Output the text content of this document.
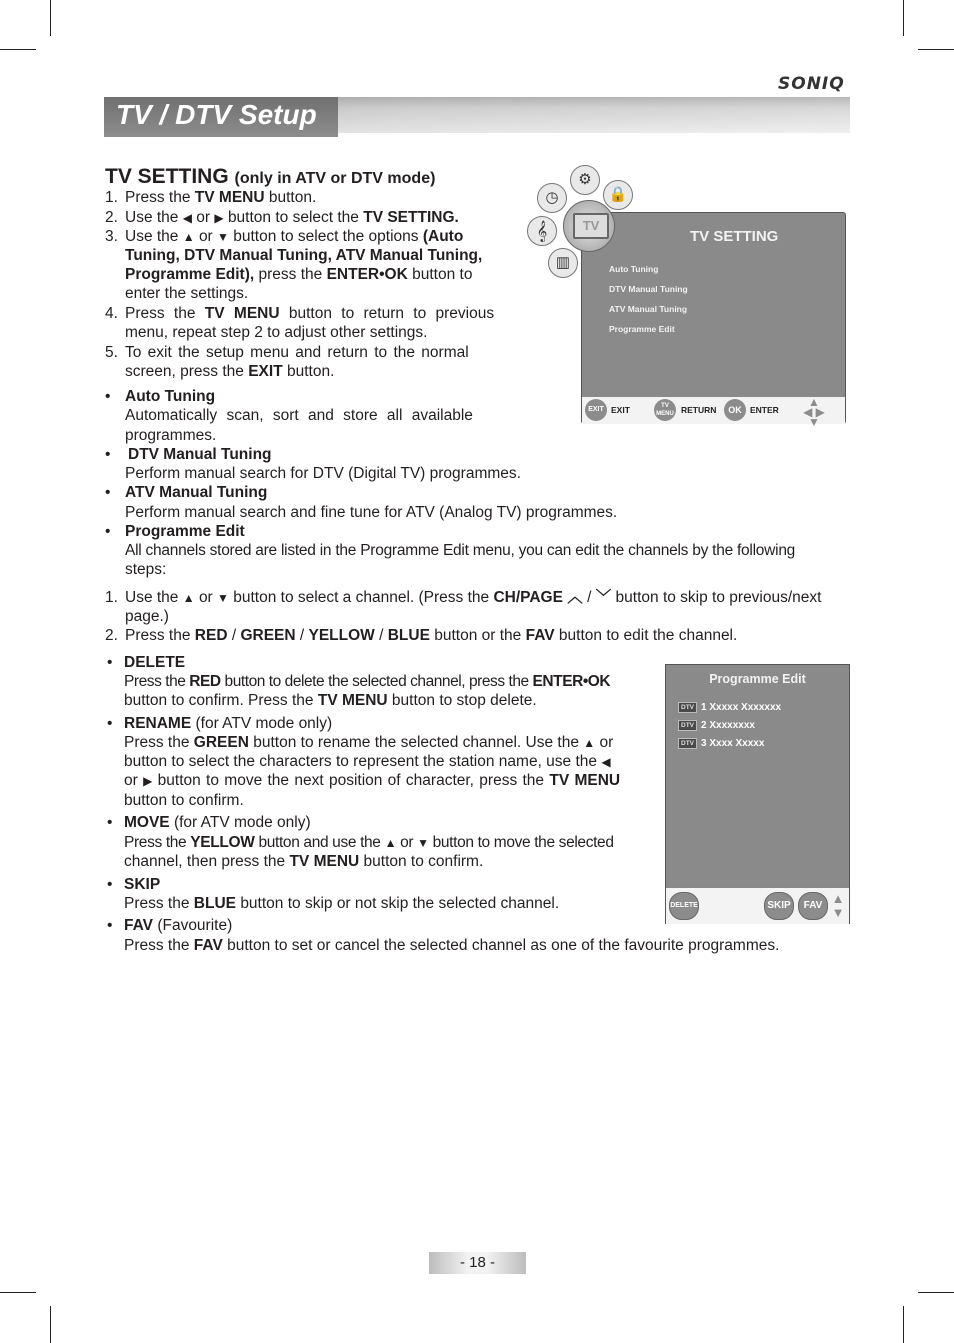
SONIQ
TV / DTV Setup
TV SETTING (only in ATV or DTV mode)
1. Press the TV MENU button.
2. Use the ◀ or ▶ button to select the TV SETTING.
3. Use the ▲ or ▼ button to select the options (Auto
Tuning, DTV Manual Tuning, ATV Manual Tuning,
Programme Edit), press the ENTER•OK button to
enter the settings.
4. Press the TV MENU button to return to previous
menu, repeat step 2 to adjust other settings.
5. To exit the setup menu and return to the normal
screen, press the EXIT button.
• Auto Tuning
Automatically scan, sort and store all available
programmes.
• DTV Manual Tuning
Perform manual search for DTV (Digital TV) programmes.
• ATV Manual Tuning
Perform manual search and fine tune for ATV (Analog TV) programmes.
• Programme Edit
All channels stored are listed in the Programme Edit menu, you can edit the channels by the following
steps:
1. Use the ▲ or ▼ button to select a channel. (Press the CH/PAGE ︿ / ﹀ button to skip to previous/next
page.)
2. Press the RED / GREEN / YELLOW / BLUE button or the FAV button to edit the channel.
• DELETE
Press the RED button to delete the selected channel, press the ENTER•OK
button to confirm. Press the TV MENU button to stop delete.
• RENAME (for ATV mode only)
Press the GREEN button to rename the selected channel. Use the ▲ or
button to select the characters to represent the station name, use the ◀
or ▶ button to move the next position of character, press the TV MENU
button to confirm.
• MOVE (for ATV mode only)
Press the YELLOW button and use the ▲ or ▼ button to move the selected
channel, then press the TV MENU button to confirm.
• SKIP
Press the BLUE button to skip or not skip the selected channel.
• FAV (Favourite)
Press the FAV button to set or cancel the selected channel as one of the favourite programmes.
TV SETTING
Auto Tuning
DTV Manual Tuning
ATV Manual Tuning
Programme Edit
EXIT EXIT	TV MENU RETURN	OK ENTER
▲
◀ ▶
▼
⚙
🔒
◷
𝄞
▥
TV
Programme Edit
DTV 1 Xxxxx Xxxxxxx
DTV 2 Xxxxxxxx
DTV 3 Xxxx Xxxxx
DELETE	SKIP	FAV ▲
▼
- 18 -
